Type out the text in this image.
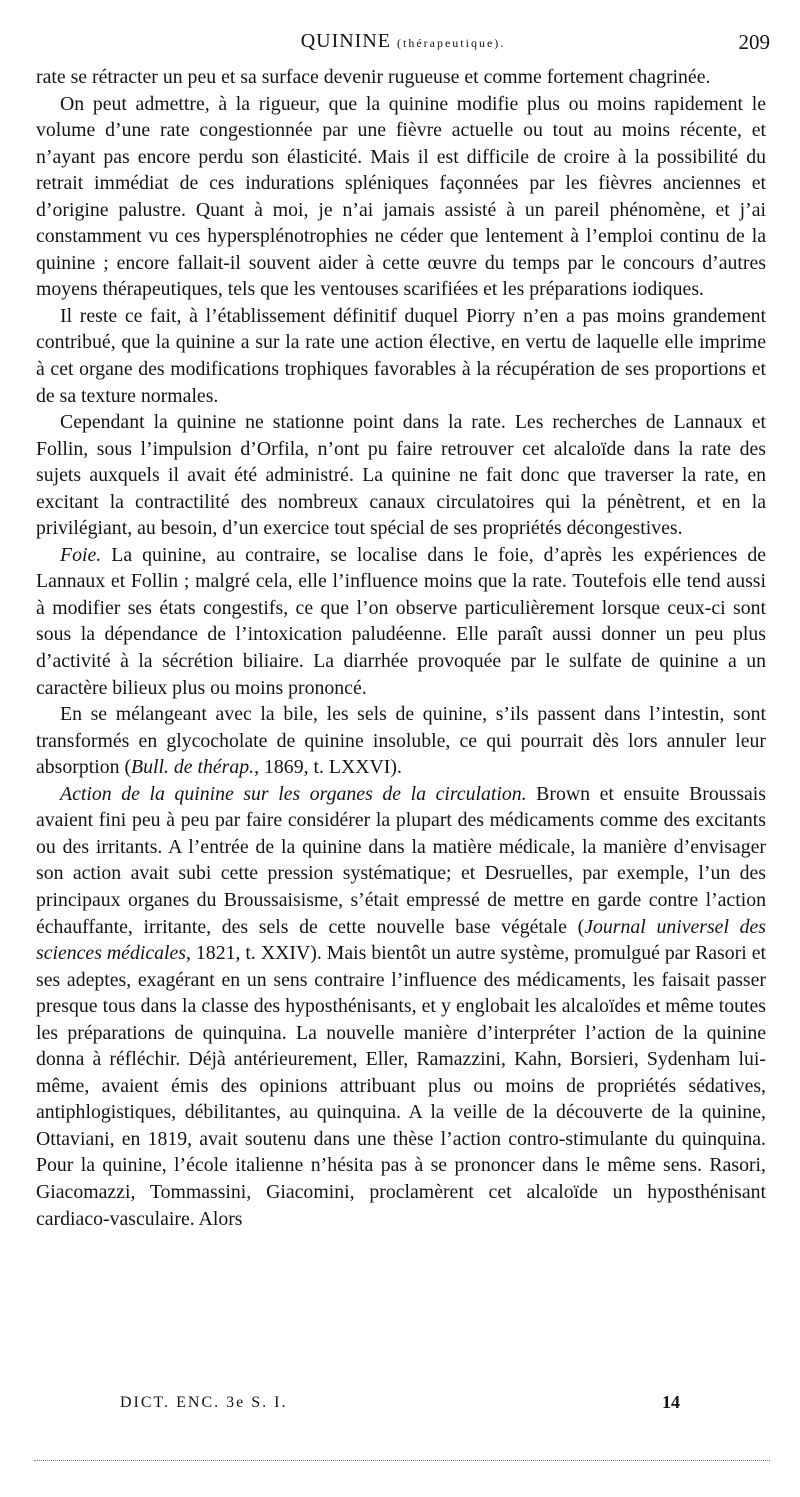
QUININE (thérapeutique).	209

rate se rétracter un peu et sa surface devenir rugueuse et comme fortement chagrinée.

On peut admettre, à la rigueur, que la quinine modifie plus ou moins rapidement le volume d’une rate congestionnée par une fièvre actuelle ou tout au moins récente, et n’ayant pas encore perdu son élasticité. Mais il est difficile de croire à la possibilité du retrait immédiat de ces indurations spléniques façonnées par les fièvres anciennes et d’origine palustre. Quant à moi, je n’ai jamais assisté à un pareil phénomène, et j’ai constamment vu ces hypersplénotrophies ne céder que lentement à l’emploi continu de la quinine ; encore fallait-il souvent aider à cette œuvre du temps par le concours d’autres moyens thérapeutiques, tels que les ventouses scarifiées et les préparations iodiques.

Il reste ce fait, à l’établissement définitif duquel Piorry n’en a pas moins grandement contribué, que la quinine a sur la rate une action élective, en vertu de laquelle elle imprime à cet organe des modifications trophiques favorables à la récupération de ses proportions et de sa texture normales.

Cependant la quinine ne stationne point dans la rate. Les recherches de Lannaux et Follin, sous l’impulsion d’Orfila, n’ont pu faire retrouver cet alcaloïde dans la rate des sujets auxquels il avait été administré. La quinine ne fait donc que traverser la rate, en excitant la contractilité des nombreux canaux circulatoires qui la pénètrent, et en la privilégiant, au besoin, d’un exercice tout spécial de ses propriétés décongestives.

Foie. La quinine, au contraire, se localise dans le foie, d’après les expériences de Lannaux et Follin ; malgré cela, elle l’influence moins que la rate. Toutefois elle tend aussi à modifier ses états congestifs, ce que l’on observe particulièrement lorsque ceux-ci sont sous la dépendance de l’intoxication paludéenne. Elle paraît aussi donner un peu plus d’activité à la sécrétion biliaire. La diarrhée provoquée par le sulfate de quinine a un caractère bilieux plus ou moins prononcé.

En se mélangeant avec la bile, les sels de quinine, s’ils passent dans l’intestin, sont transformés en glycocholate de quinine insoluble, ce qui pourrait dès lors annuler leur absorption (Bull. de thérap., 1869, t. LXXVI).

Action de la quinine sur les organes de la circulation. Brown et ensuite Broussais avaient fini peu à peu par faire considérer la plupart des médicaments comme des excitants ou des irritants. A l’entrée de la quinine dans la matière médicale, la manière d’envisager son action avait subi cette pression systématique; et Desruelles, par exemple, l’un des principaux organes du Broussaisisme, s’était empressé de mettre en garde contre l’action échauffante, irritante, des sels de cette nouvelle base végétale (Journal universel des sciences médicales, 1821, t. XXIV). Mais bientôt un autre système, promulgué par Rasori et ses adeptes, exagérant en un sens contraire l’influence des médicaments, les faisait passer presque tous dans la classe des hyposthénisants, et y englobait les alcaloïdes et même toutes les préparations de quinquina. La nouvelle manière d’interpréter l’action de la quinine donna à réfléchir. Déjà antérieurement, Eller, Ramazzini, Kahn, Borsieri, Sydenham lui-même, avaient émis des opinions attribuant plus ou moins de propriétés sédatives, antiphlogistiques, débilitantes, au quinquina. A la veille de la découverte de la quinine, Ottaviani, en 1819, avait soutenu dans une thèse l’action contro-stimulante du quinquina. Pour la quinine, l’école italienne n’hésita pas à se prononcer dans le même sens. Rasori, Giacomazzi, Tommassini, Giacomini, proclamèrent cet alcaloïde un hyposthénisant cardiaco-vasculaire. Alors

DICT. ENC. 3e S. I.	14
